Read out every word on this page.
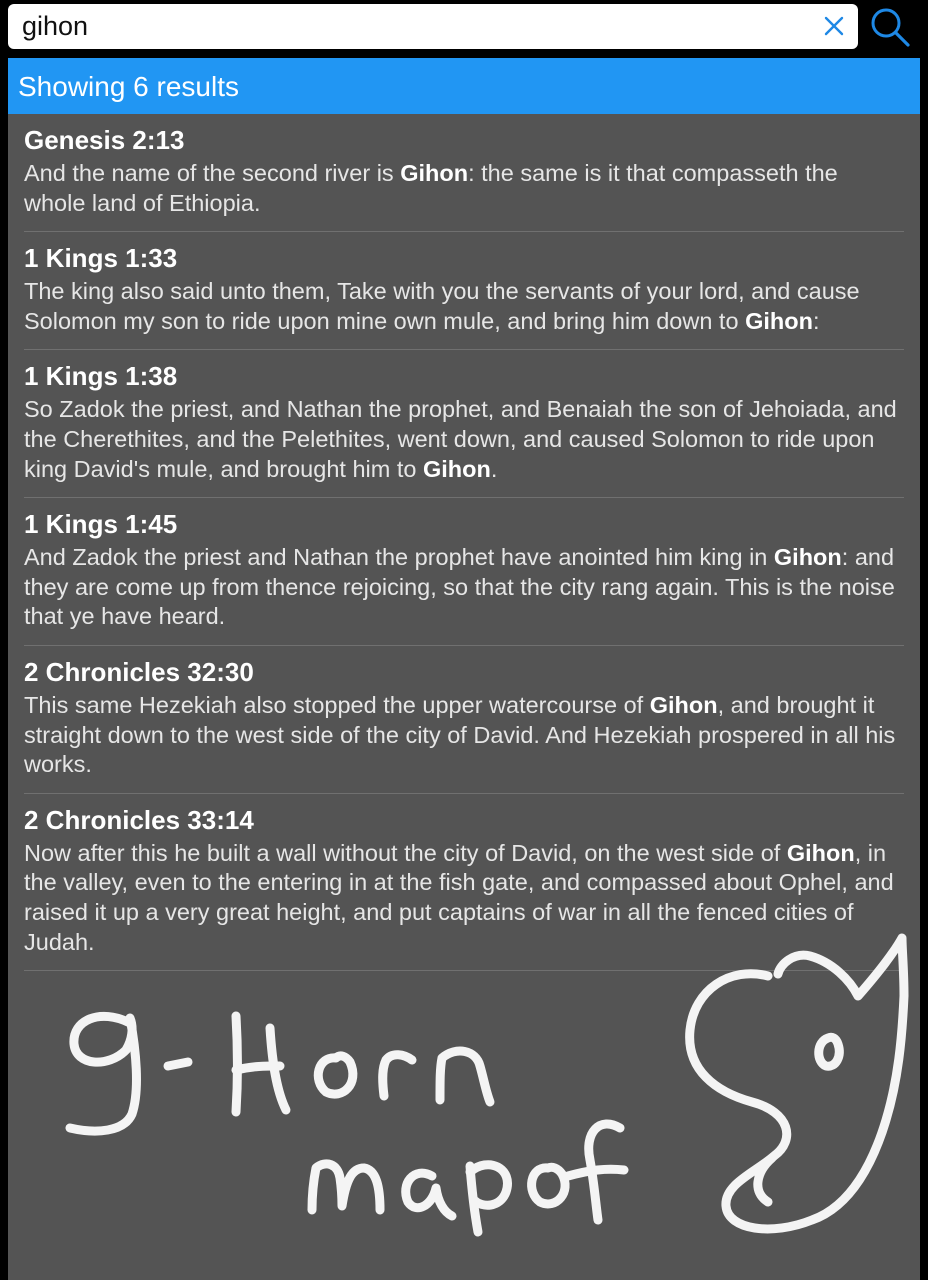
gihon
Showing 6 results
Genesis 2:13
And the name of the second river is Gihon: the same is it that compasseth the whole land of Ethiopia.
1 Kings 1:33
The king also said unto them, Take with you the servants of your lord, and cause Solomon my son to ride upon mine own mule, and bring him down to Gihon:
1 Kings 1:38
So Zadok the priest, and Nathan the prophet, and Benaiah the son of Jehoiada, and the Cherethites, and the Pelethites, went down, and caused Solomon to ride upon king David's mule, and brought him to Gihon.
1 Kings 1:45
And Zadok the priest and Nathan the prophet have anointed him king in Gihon: and they are come up from thence rejoicing, so that the city rang again. This is the noise that ye have heard.
2 Chronicles 32:30
This same Hezekiah also stopped the upper watercourse of Gihon, and brought it straight down to the west side of the city of David. And Hezekiah prospered in all his works.
2 Chronicles 33:14
Now after this he built a wall without the city of David, on the west side of Gihon, in the valley, even to the entering in at the fish gate, and compassed about Ophel, and raised it up a very great height, and put captains of war in all the fenced cities of Judah.
